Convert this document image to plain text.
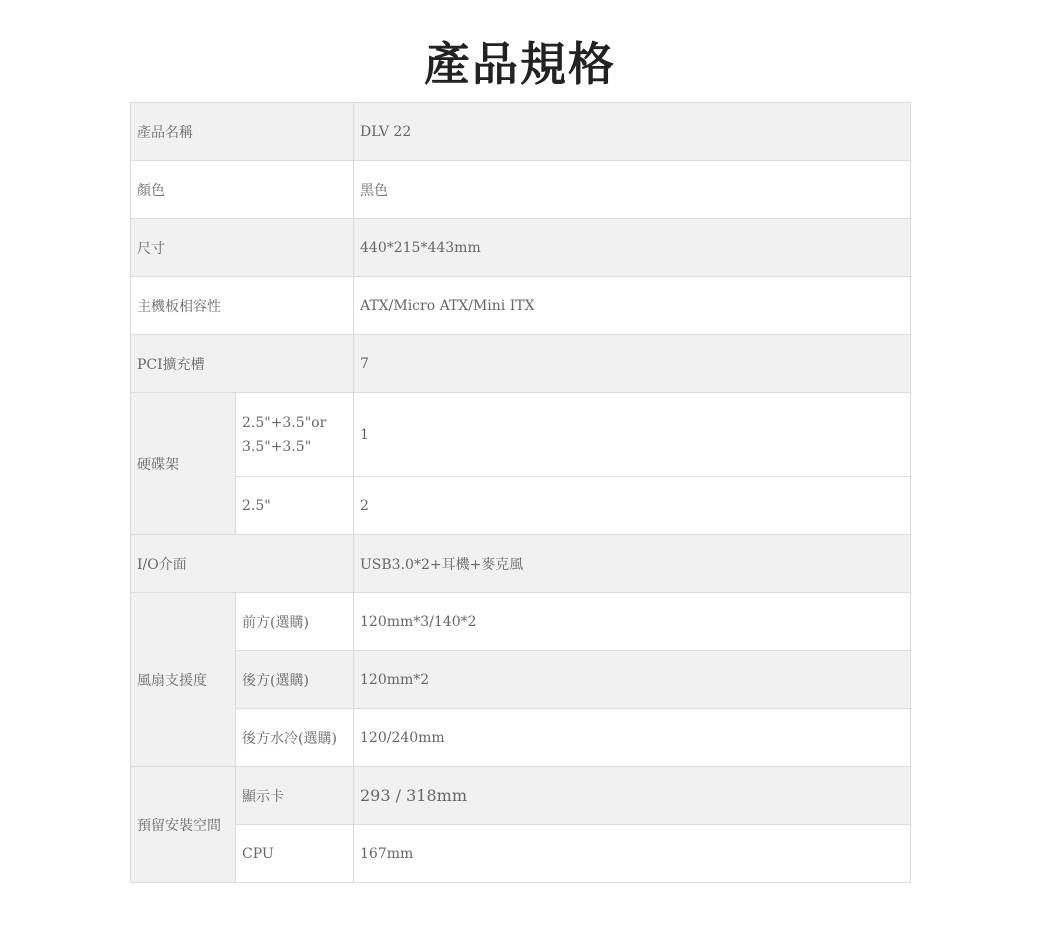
產品規格
產品名稱		DLV 22
顏色		黑色
尺寸		440*215*443mm
主機板相容性		ATX/Micro ATX/Mini ITX
PCI擴充槽		7
硬碟架	2.5"+3.5"or 3.5"+3.5"	1
	2.5"	2
I/O介面		USB3.0*2+耳機+麥克風
風扇支援度	前方(選購)	120mm*3/140*2
	後方(選購)	120mm*2
	後方水冷(選購)	120/240mm
預留安裝空間	顯示卡	293 / 318mm
	CPU	167mm
